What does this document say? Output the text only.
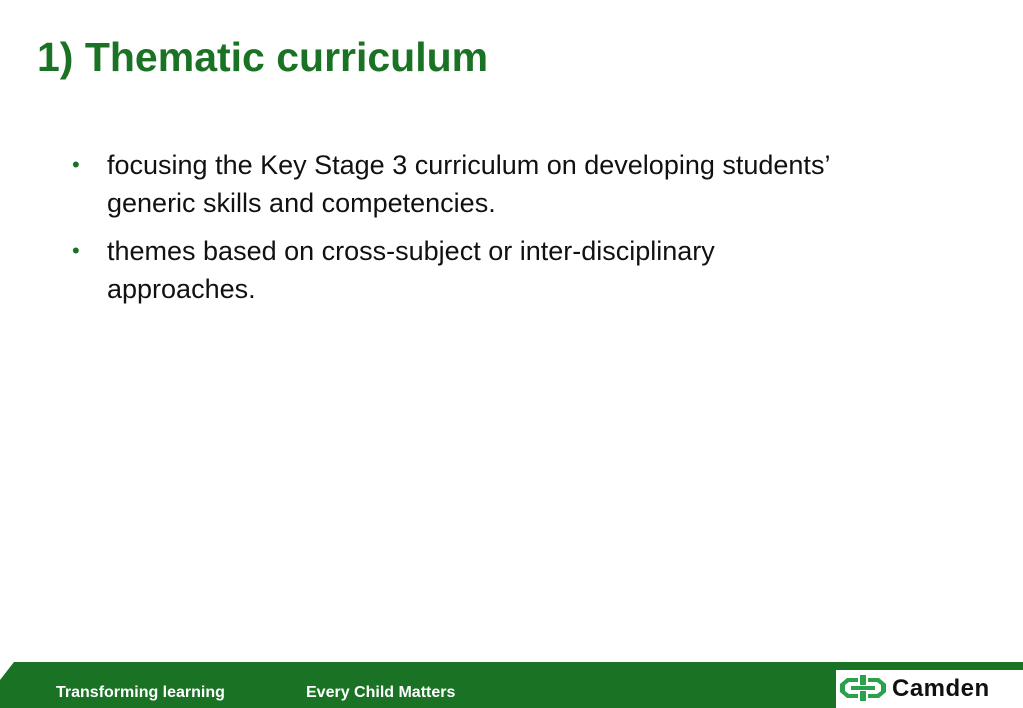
1) Thematic curriculum
• focusing the Key Stage 3 curriculum on developing students’ generic skills and competencies.
• themes based on cross-subject or inter-disciplinary approaches.
Transforming learning	Every Child Matters	Camden
